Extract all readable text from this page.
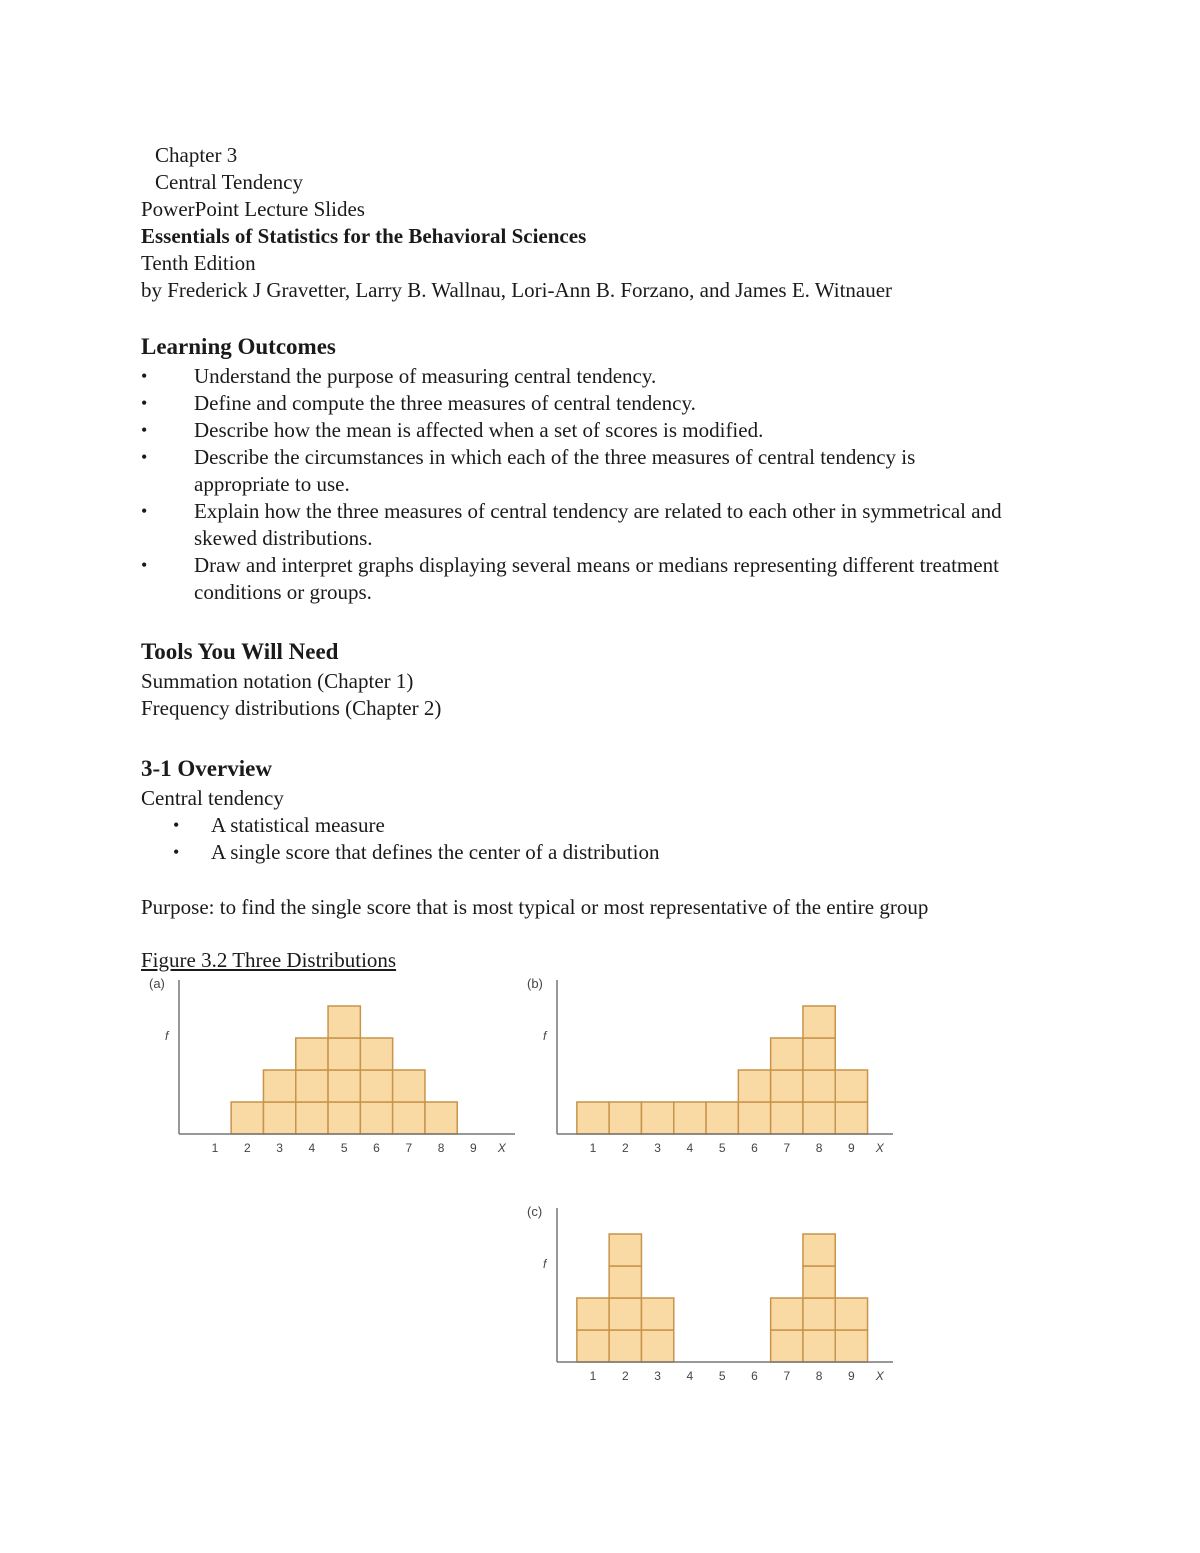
Chapter 3
Central Tendency
PowerPoint Lecture Slides
Essentials of Statistics for the Behavioral Sciences
Tenth Edition
by Frederick J Gravetter, Larry B. Wallnau, Lori-Ann B. Forzano, and James E. Witnauer
Learning Outcomes
• Understand the purpose of measuring central tendency.
• Define and compute the three measures of central tendency.
• Describe how the mean is affected when a set of scores is modified.
• Describe the circumstances in which each of the three measures of central tendency is appropriate to use.
• Explain how the three measures of central tendency are related to each other in symmetrical and skewed distributions.
• Draw and interpret graphs displaying several means or medians representing different treatment conditions or groups.
Tools You Will Need
Summation notation (Chapter 1)
Frequency distributions (Chapter 2)
3-1 Overview
Central tendency
• A statistical measure
• A single score that defines the center of a distribution
Purpose: to find the single score that is most typical or most representative of the entire group
Figure 3.2 Three Distributions
(a)
f
1 2 3 4 5 6 7 8 9 X
(b)
f
1 2 3 4 5 6 7 8 9 X
(c)
f
1 2 3 4 5 6 7 8 9 X
